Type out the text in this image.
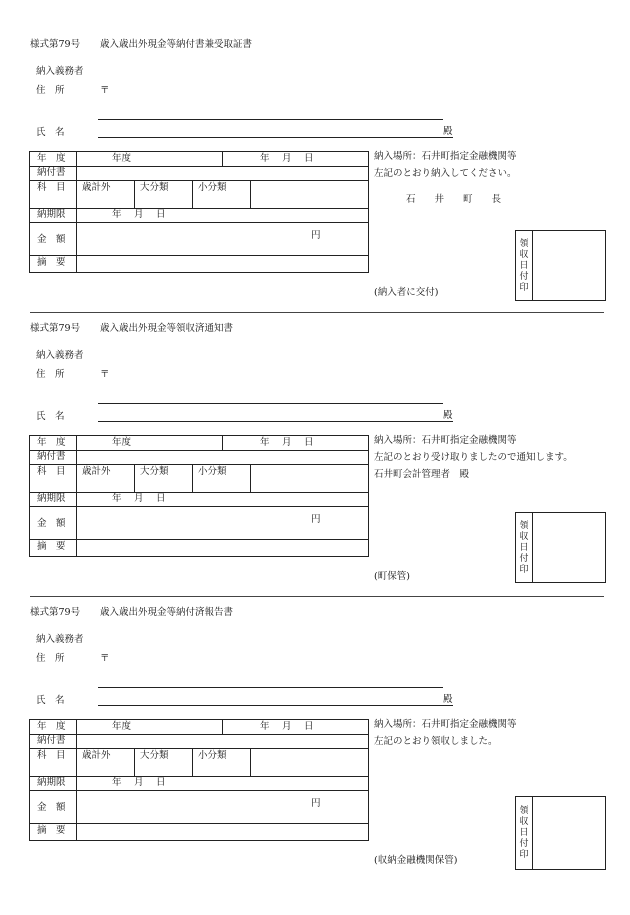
様式第79号 歳入歳出外現金等納付書兼受取証書
納入義務者
住　所	〒
氏　名	殿
年　度	年度	年　 月 　日
納付書
科　目 歳計外	大分類	小分類
納期限	年　 月 　日
金　額	円
摘　要
納入場所：石井町指定金融機関等
左記のとおり納入してください。
石　　井　　町　　長
領
収
日
付
印
(納入者に交付)
様式第79号 歳入歳出外現金等領収済通知書
納入義務者
住　所	〒
氏　名	殿
年　度	年度	年　 月 　日
納付書
科　目 歳計外	大分類	小分類
納期限	年　 月 　日
金　額	円
摘　要
納入場所：石井町指定金融機関等
左記のとおり受け取りましたので通知します。
石井町会計管理者　殿
領
収
日
付
印
(町保管)
様式第79号 歳入歳出外現金等納付済報告書
納入義務者
住　所	〒
氏　名	殿
年　度	年度	年　 月 　日
納付書
科　目 歳計外	大分類	小分類
納期限	年　 月 　日
金　額	円
摘　要
納入場所：石井町指定金融機関等
左記のとおり領収しました。
領
収
日
付
印
(収納金融機関保管)
